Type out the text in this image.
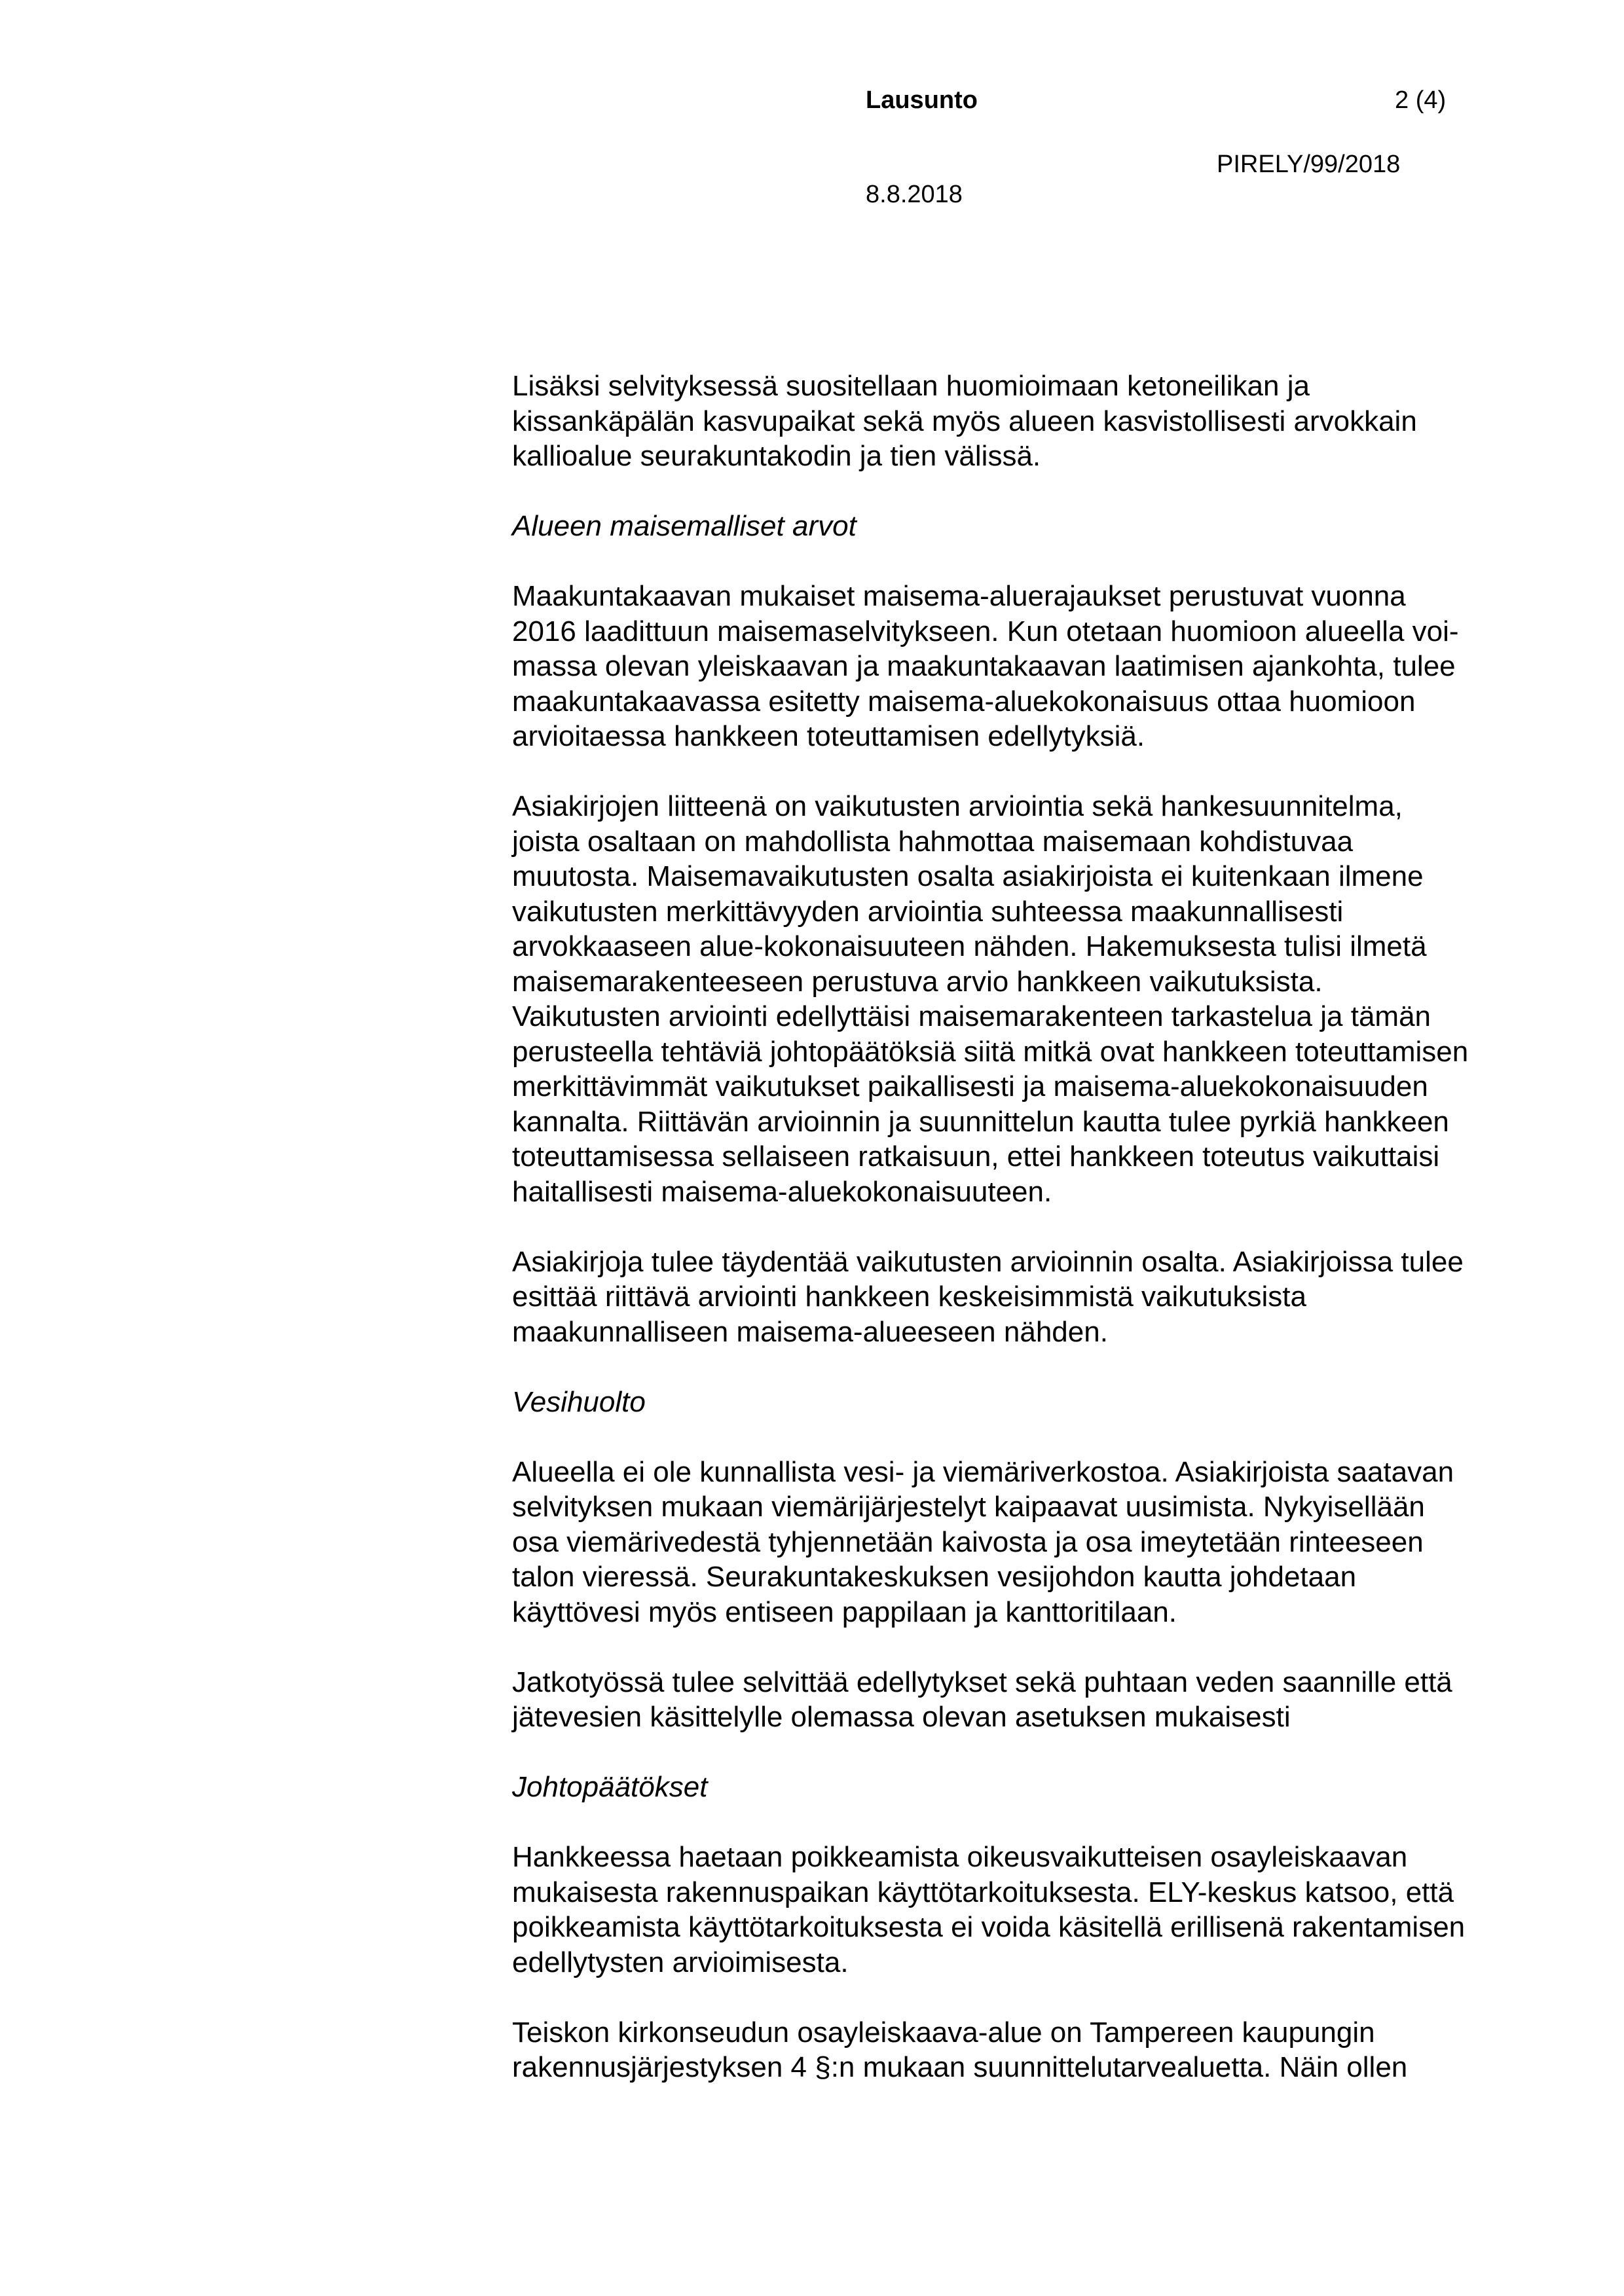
Lausunto	2 (4)
PIRELY/99/2018
8.8.2018
Lisäksi selvityksessä suositellaan huomioimaan ketoneilikan ja
kissankäpälän kasvupaikat sekä myös alueen kasvistollisesti arvokkain
kallioalue seurakuntakodin ja tien välissä.
Alueen maisemalliset arvot
Maakuntakaavan mukaiset maisema-aluerajaukset perustuvat vuonna
2016 laadittuun maisemaselvitykseen. Kun otetaan huomioon alueella voi-
massa olevan yleiskaavan ja maakuntakaavan laatimisen ajankohta, tulee
maakuntakaavassa esitetty maisema-aluekokonaisuus ottaa huomioon
arvioitaessa hankkeen toteuttamisen edellytyksiä.
Asiakirjojen liitteenä on vaikutusten arviointia sekä hankesuunnitelma,
joista osaltaan on mahdollista hahmottaa maisemaan kohdistuvaa
muutosta. Maisemavaikutusten osalta asiakirjoista ei kuitenkaan ilmene
vaikutusten merkittävyyden arviointia suhteessa maakunnallisesti
arvokkaaseen alue-kokonaisuuteen nähden. Hakemuksesta tulisi ilmetä
maisemarakenteeseen perustuva arvio hankkeen vaikutuksista.
Vaikutusten arviointi edellyttäisi maisemarakenteen tarkastelua ja tämän
perusteella tehtäviä johtopäätöksiä siitä mitkä ovat hankkeen toteuttamisen
merkittävimmät vaikutukset paikallisesti ja maisema-aluekokonaisuuden
kannalta. Riittävän arvioinnin ja suunnittelun kautta tulee pyrkiä hankkeen
toteuttamisessa sellaiseen ratkaisuun, ettei hankkeen toteutus vaikuttaisi
haitallisesti maisema-aluekokonaisuuteen.
Asiakirjoja tulee täydentää vaikutusten arvioinnin osalta. Asiakirjoissa tulee
esittää riittävä arviointi hankkeen keskeisimmistä vaikutuksista
maakunnalliseen maisema-alueeseen nähden.
Vesihuolto
Alueella ei ole kunnallista vesi- ja viemäriverkostoa. Asiakirjoista saatavan
selvityksen mukaan viemärijärjestelyt kaipaavat uusimista. Nykyisellään
osa viemärivedestä tyhjennetään kaivosta ja osa imeytetään rinteeseen
talon vieressä. Seurakuntakeskuksen vesijohdon kautta johdetaan
käyttövesi myös entiseen pappilaan ja kanttoritilaan.
Jatkotyössä tulee selvittää edellytykset sekä puhtaan veden saannille että
jätevesien käsittelylle olemassa olevan asetuksen mukaisesti
Johtopäätökset
Hankkeessa haetaan poikkeamista oikeusvaikutteisen osayleiskaavan
mukaisesta rakennuspaikan käyttötarkoituksesta. ELY-keskus katsoo, että
poikkeamista käyttötarkoituksesta ei voida käsitellä erillisenä rakentamisen
edellytysten arvioimisesta.
Teiskon kirkonseudun osayleiskaava-alue on Tampereen kaupungin
rakennusjärjestyksen 4 §:n mukaan suunnittelutarvealuetta. Näin ollen
